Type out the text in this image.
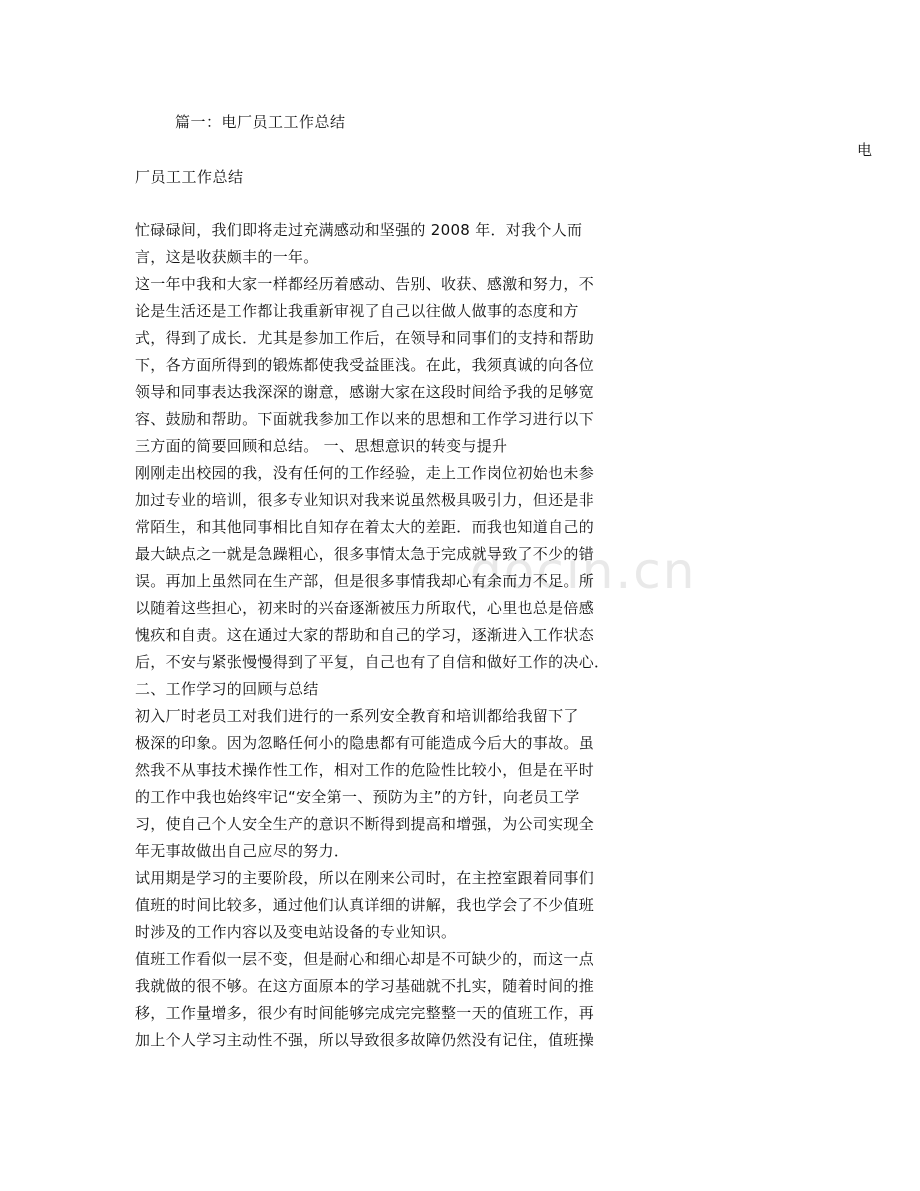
docin.cn
篇一：电厂员工工作总结
电
厂员工工作总结
忙碌碌间，我们即将走过充满感动和坚强的 2008 年．对我个人而
言，这是收获颇丰的一年。
这一年中我和大家一样都经历着感动、告别、收获、感激和努力，不
论是生活还是工作都让我重新审视了自己以往做人做事的态度和方
式，得到了成长．尤其是参加工作后，在领导和同事们的支持和帮助
下，各方面所得到的锻炼都使我受益匪浅。在此，我须真诚的向各位
领导和同事表达我深深的谢意，感谢大家在这段时间给予我的足够宽
容、鼓励和帮助。下面就我参加工作以来的思想和工作学习进行以下
三方面的简要回顾和总结。 一、思想意识的转变与提升
刚刚走出校园的我，没有任何的工作经验，走上工作岗位初始也未参
加过专业的培训，很多专业知识对我来说虽然极具吸引力，但还是非
常陌生，和其他同事相比自知存在着太大的差距．而我也知道自己的
最大缺点之一就是急躁粗心，很多事情太急于完成就导致了不少的错
误。再加上虽然同在生产部，但是很多事情我却心有余而力不足。所
以随着这些担心，初来时的兴奋逐渐被压力所取代，心里也总是倍感
愧疚和自责。这在通过大家的帮助和自己的学习，逐渐进入工作状态
后，不安与紧张慢慢得到了平复，自己也有了自信和做好工作的决心．
二、工作学习的回顾与总结
初入厂时老员工对我们进行的一系列安全教育和培训都给我留下了
极深的印象。因为忽略任何小的隐患都有可能造成今后大的事故。虽
然我不从事技术操作性工作，相对工作的危险性比较小，但是在平时
的工作中我也始终牢记“安全第一、预防为主”的方针，向老员工学
习，使自己个人安全生产的意识不断得到提高和增强，为公司实现全
年无事故做出自己应尽的努力．
试用期是学习的主要阶段，所以在刚来公司时，在主控室跟着同事们
值班的时间比较多，通过他们认真详细的讲解，我也学会了不少值班
时涉及的工作内容以及变电站设备的专业知识。
值班工作看似一层不变，但是耐心和细心却是不可缺少的，而这一点
我就做的很不够。在这方面原本的学习基础就不扎实，随着时间的推
移，工作量增多，很少有时间能够完成完完整整一天的值班工作，再
加上个人学习主动性不强，所以导致很多故障仍然没有记住，值班操
